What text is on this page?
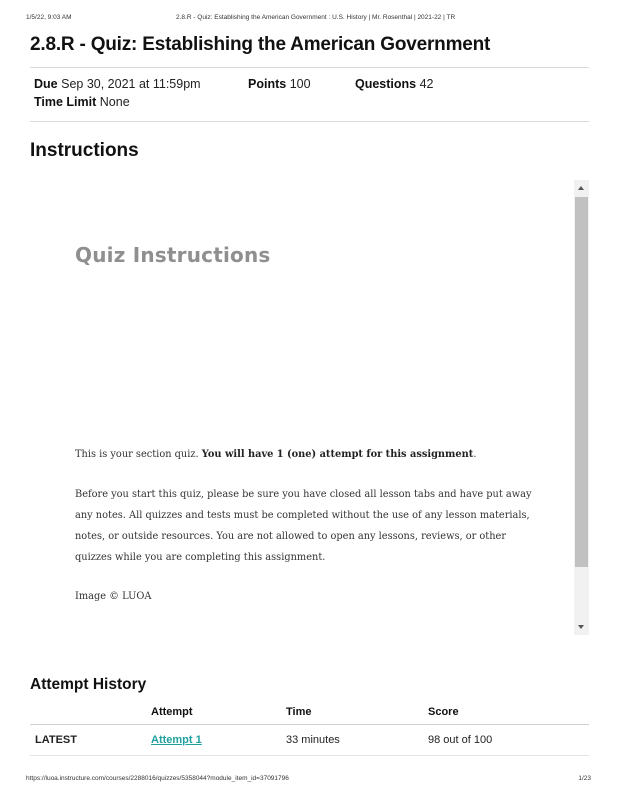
1/5/22, 9:03 AM	2.8.R - Quiz: Establishing the American Government : U.S. History | Mr. Rosenthal | 2021-22 | TR
2.8.R - Quiz: Establishing the American Government
Due Sep 30, 2021 at 11:59pm	Points 100	Questions 42
Time Limit None
Instructions
Quiz Instructions

This is your section quiz. You will have 1 (one) attempt for this assignment.

Before you start this quiz, please be sure you have closed all lesson tabs and have put away any notes. All quizzes and tests must be completed without the use of any lesson materials, notes, or outside resources. You are not allowed to open any lessons, reviews, or other quizzes while you are completing this assignment.

Image © LUOA

Attempt History
	Attempt	Time	Score
LATEST	Attempt 1	33 minutes	98 out of 100
https://luoa.instructure.com/courses/2288016/quizzes/5358044?module_item_id=37091796	1/23
